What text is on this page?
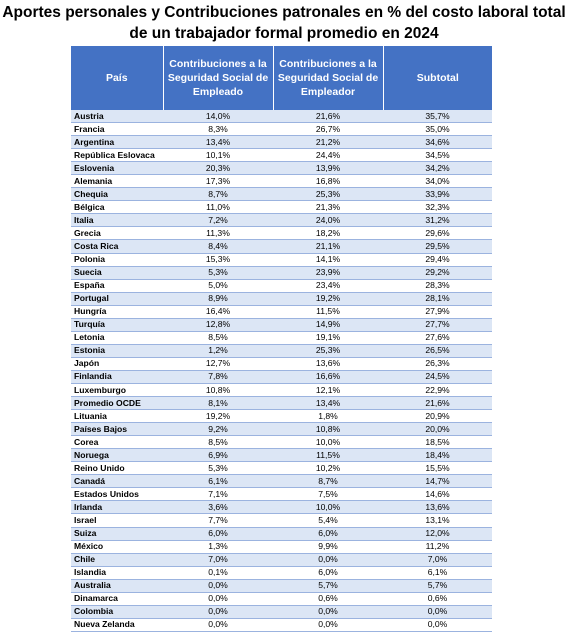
Aportes personales y Contribuciones patronales en % del costo laboral total
de un trabajador formal promedio en 2024
País	Contribuciones a la Seguridad Social de Empleado	Contribuciones a la Seguridad Social de Empleador	Subtotal
Austria	14,0%	21,6%	35,7%
Francia	8,3%	26,7%	35,0%
Argentina	13,4%	21,2%	34,6%
República Eslovaca	10,1%	24,4%	34,5%
Eslovenia	20,3%	13,9%	34,2%
Alemania	17,3%	16,8%	34,0%
Chequia	8,7%	25,3%	33,9%
Bélgica	11,0%	21,3%	32,3%
Italia	7,2%	24,0%	31,2%
Grecia	11,3%	18,2%	29,6%
Costa Rica	8,4%	21,1%	29,5%
Polonia	15,3%	14,1%	29,4%
Suecia	5,3%	23,9%	29,2%
España	5,0%	23,4%	28,3%
Portugal	8,9%	19,2%	28,1%
Hungría	16,4%	11,5%	27,9%
Turquía	12,8%	14,9%	27,7%
Letonia	8,5%	19,1%	27,6%
Estonia	1,2%	25,3%	26,5%
Japón	12,7%	13,6%	26,3%
Finlandia	7,8%	16,6%	24,5%
Luxemburgo	10,8%	12,1%	22,9%
Promedio OCDE	8,1%	13,4%	21,6%
Lituania	19,2%	1,8%	20,9%
Países Bajos	9,2%	10,8%	20,0%
Corea	8,5%	10,0%	18,5%
Noruega	6,9%	11,5%	18,4%
Reino Unido	5,3%	10,2%	15,5%
Canadá	6,1%	8,7%	14,7%
Estados Unidos	7,1%	7,5%	14,6%
Irlanda	3,6%	10,0%	13,6%
Israel	7,7%	5,4%	13,1%
Suiza	6,0%	6,0%	12,0%
México	1,3%	9,9%	11,2%
Chile	7,0%	0,0%	7,0%
Islandia	0,1%	6,0%	6,1%
Australia	0,0%	5,7%	5,7%
Dinamarca	0,0%	0,6%	0,6%
Colombia	0,0%	0,0%	0,0%
Nueva Zelanda	0,0%	0,0%	0,0%
